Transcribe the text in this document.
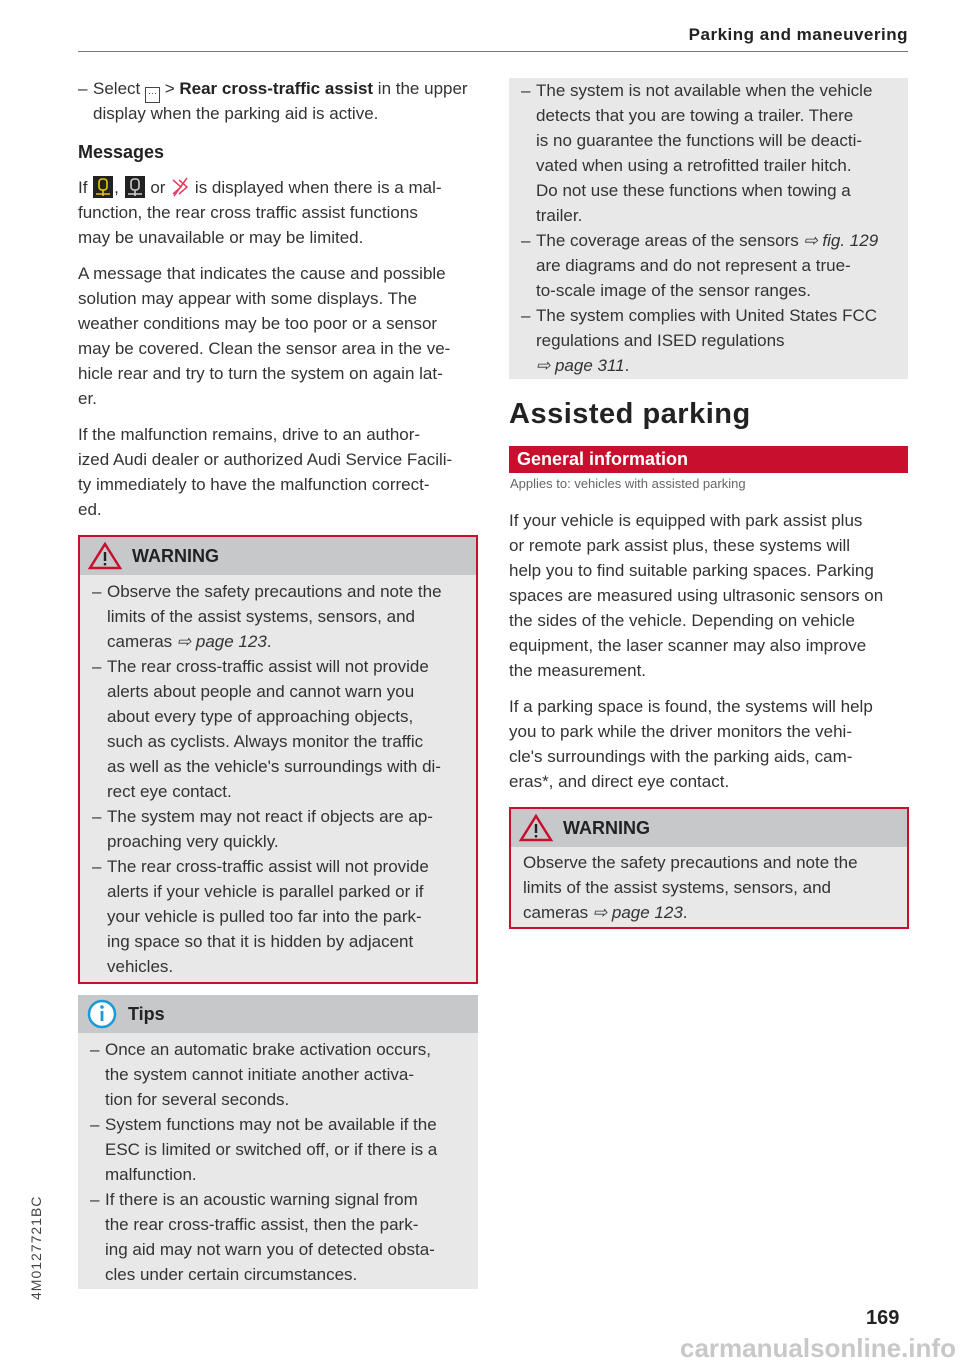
Parking and maneuvering
– Select ··· > Rear cross-traffic assist in the upper
display when the parking aid is active.
Messages
If ,  or  is displayed when there is a mal-
function, the rear cross traffic assist functions
may be unavailable or may be limited.
A message that indicates the cause and possible
solution may appear with some displays. The
weather conditions may be too poor or a sensor
may be covered. Clean the sensor area in the ve-
hicle rear and try to turn the system on again lat-
er.
If the malfunction remains, drive to an author-
ized Audi dealer or authorized Audi Service Facili-
ty immediately to have the malfunction correct-
ed.
WARNING
– Observe the safety precautions and note the
limits of the assist systems, sensors, and
cameras ⇨ page 123.
– The rear cross-traffic assist will not provide
alerts about people and cannot warn you
about every type of approaching objects,
such as cyclists. Always monitor the traffic
as well as the vehicle's surroundings with di-
rect eye contact.
– The system may not react if objects are ap-
proaching very quickly.
– The rear cross-traffic assist will not provide
alerts if your vehicle is parallel parked or if
your vehicle is pulled too far into the park-
ing space so that it is hidden by adjacent
vehicles.
Tips
– Once an automatic brake activation occurs,
the system cannot initiate another activa-
tion for several seconds.
– System functions may not be available if the
ESC is limited or switched off, or if there is a
malfunction.
– If there is an acoustic warning signal from
the rear cross-traffic assist, then the park-
ing aid may not warn you of detected obsta-
cles under certain circumstances.
– The system is not available when the vehicle
detects that you are towing a trailer. There
is no guarantee the functions will be deacti-
vated when using a retrofitted trailer hitch.
Do not use these functions when towing a
trailer.
– The coverage areas of the sensors ⇨ fig. 129
are diagrams and do not represent a true-
to-scale image of the sensor ranges.
– The system complies with United States FCC
regulations and ISED regulations
⇨ page 311.
Assisted parking
General information
Applies to: vehicles with assisted parking
If your vehicle is equipped with park assist plus
or remote park assist plus, these systems will
help you to find suitable parking spaces. Parking
spaces are measured using ultrasonic sensors on
the sides of the vehicle. Depending on vehicle
equipment, the laser scanner may also improve
the measurement.
If a parking space is found, the systems will help
you to park while the driver monitors the vehi-
cle's surroundings with the parking aids, cam-
eras*, and direct eye contact.
WARNING
Observe the safety precautions and note the
limits of the assist systems, sensors, and
cameras ⇨ page 123.
4M0127721BC
169
carmanualsonline.info
